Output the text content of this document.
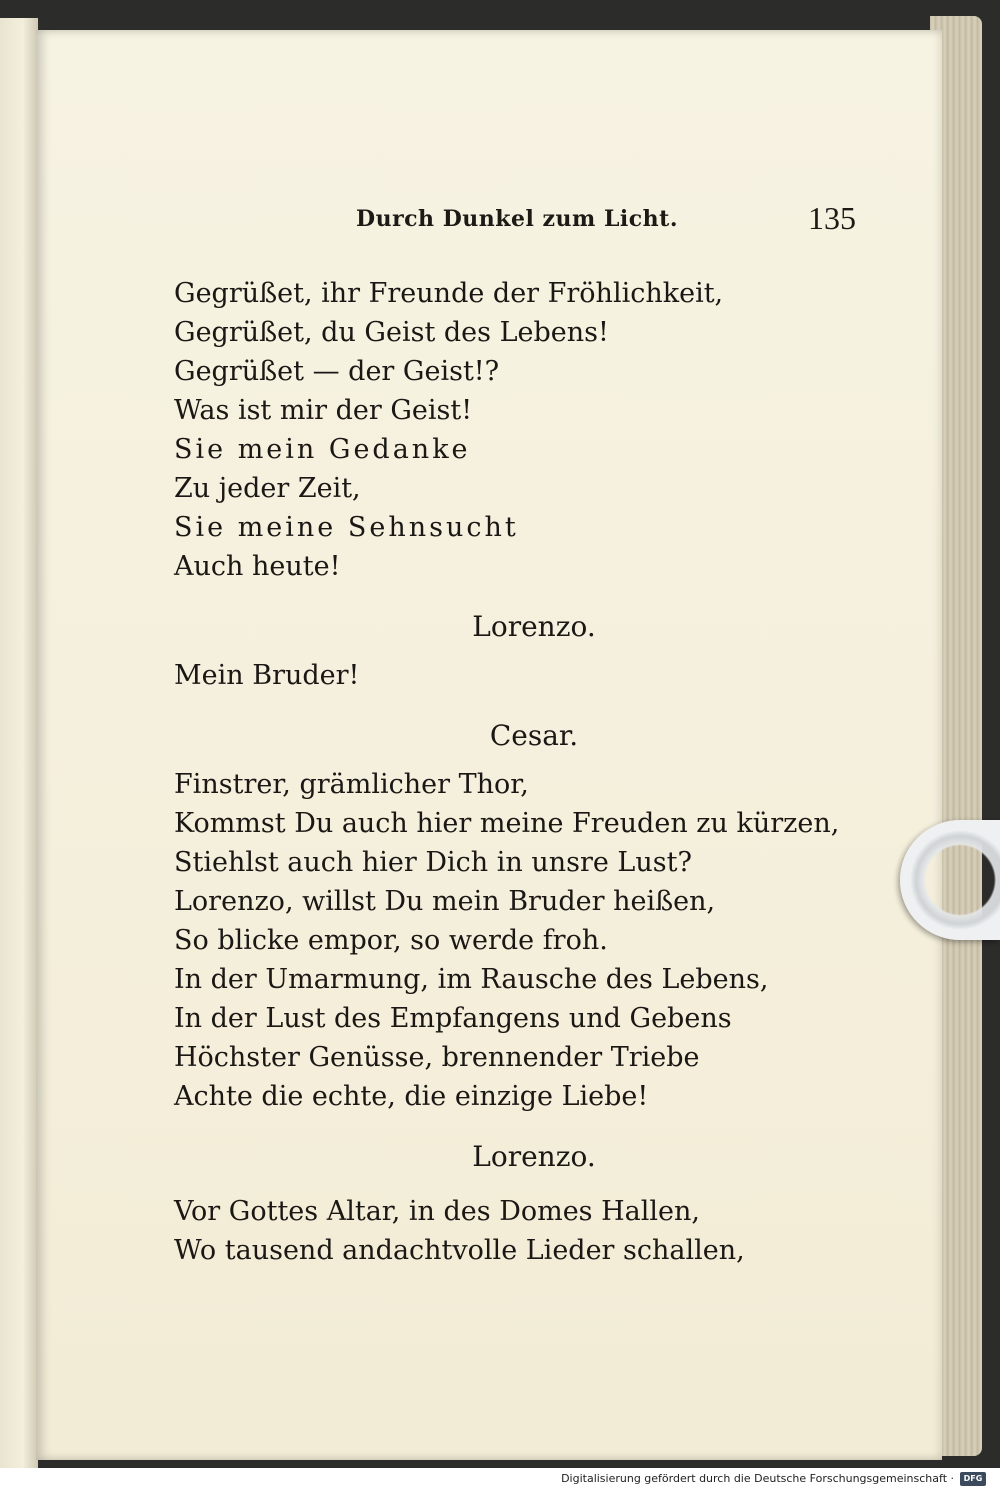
Durch Dunkel zum Licht.	135
Gegrüßet, ihr Freunde der Fröhlichkeit,
Gegrüßet, du Geist des Lebens!
Gegrüßet — der Geist!?
Was ist mir der Geist!
Sie mein Gedanke
Zu jeder Zeit,
Sie meine Sehnsucht
Auch heute!
Lorenzo.
Mein Bruder!
Cesar.
Finstrer, grämlicher Thor,
Kommst Du auch hier meine Freuden zu kürzen,
Stiehlst auch hier Dich in unsre Lust?
Lorenzo, willst Du mein Bruder heißen,
So blicke empor, so werde froh.
In der Umarmung, im Rausche des Lebens,
In der Lust des Empfangens und Gebens
Höchster Genüsse, brennender Triebe
Achte die echte, die einzige Liebe!
Lorenzo.
Vor Gottes Altar, in des Domes Hallen,
Wo tausend andachtvolle Lieder schallen,
Digitalisierung gefördert durch die Deutsche Forschungsgemeinschaft ·	DFG
